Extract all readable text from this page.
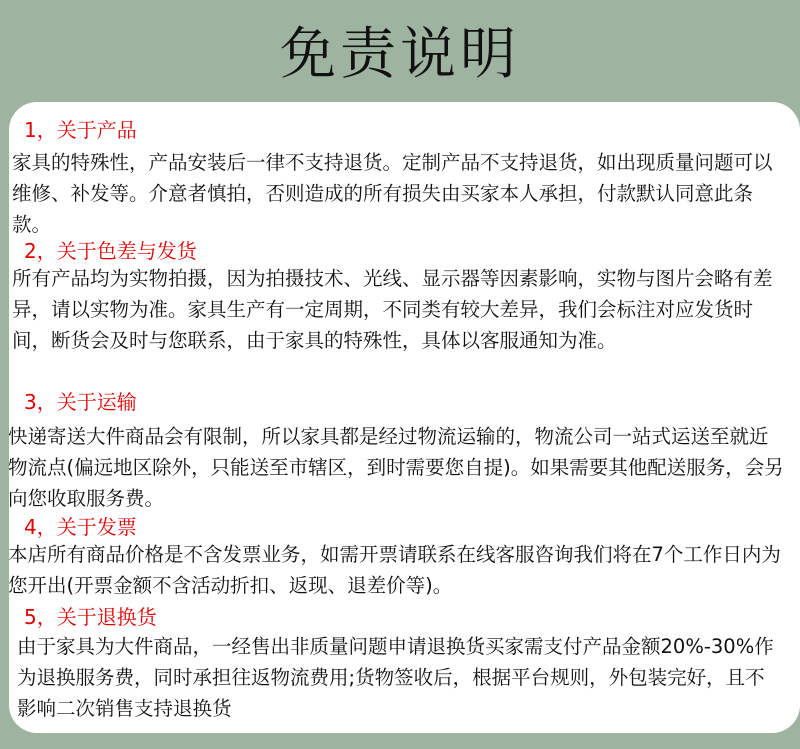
免责说明
1，关于产品
家具的特殊性，产品安装后一律不支持退货。定制产品不支持退货，如出现质量问题可以维修、补发等。介意者慎拍，否则造成的所有损失由买家本人承担，付款默认同意此条款。
2，关于色差与发货
所有产品均为实物拍摄，因为拍摄技术、光线、显示器等因素影响，实物与图片会略有差异，请以实物为准。家具生产有一定周期，不同类有较大差异，我们会标注对应发货时间，断货会及时与您联系，由于家具的特殊性，具体以客服通知为准。
3，关于运输
快递寄送大件商品会有限制，所以家具都是经过物流运输的，物流公司一站式运送至就近物流点(偏远地区除外，只能送至市辖区，到时需要您自提)。如果需要其他配送服务，会另向您收取服务费。
4，关于发票
本店所有商品价格是不含发票业务，如需开票请联系在线客服咨询我们将在7个工作日内为您开出(开票金额不含活动折扣、返现、退差价等)。
5，关于退换货
由于家具为大件商品，一经售出非质量问题申请退换货买家需支付产品金额20%-30%作为退换服务费，同时承担往返物流费用;货物签收后，根据平台规则，外包装完好，且不影响二次销售支持退换货
